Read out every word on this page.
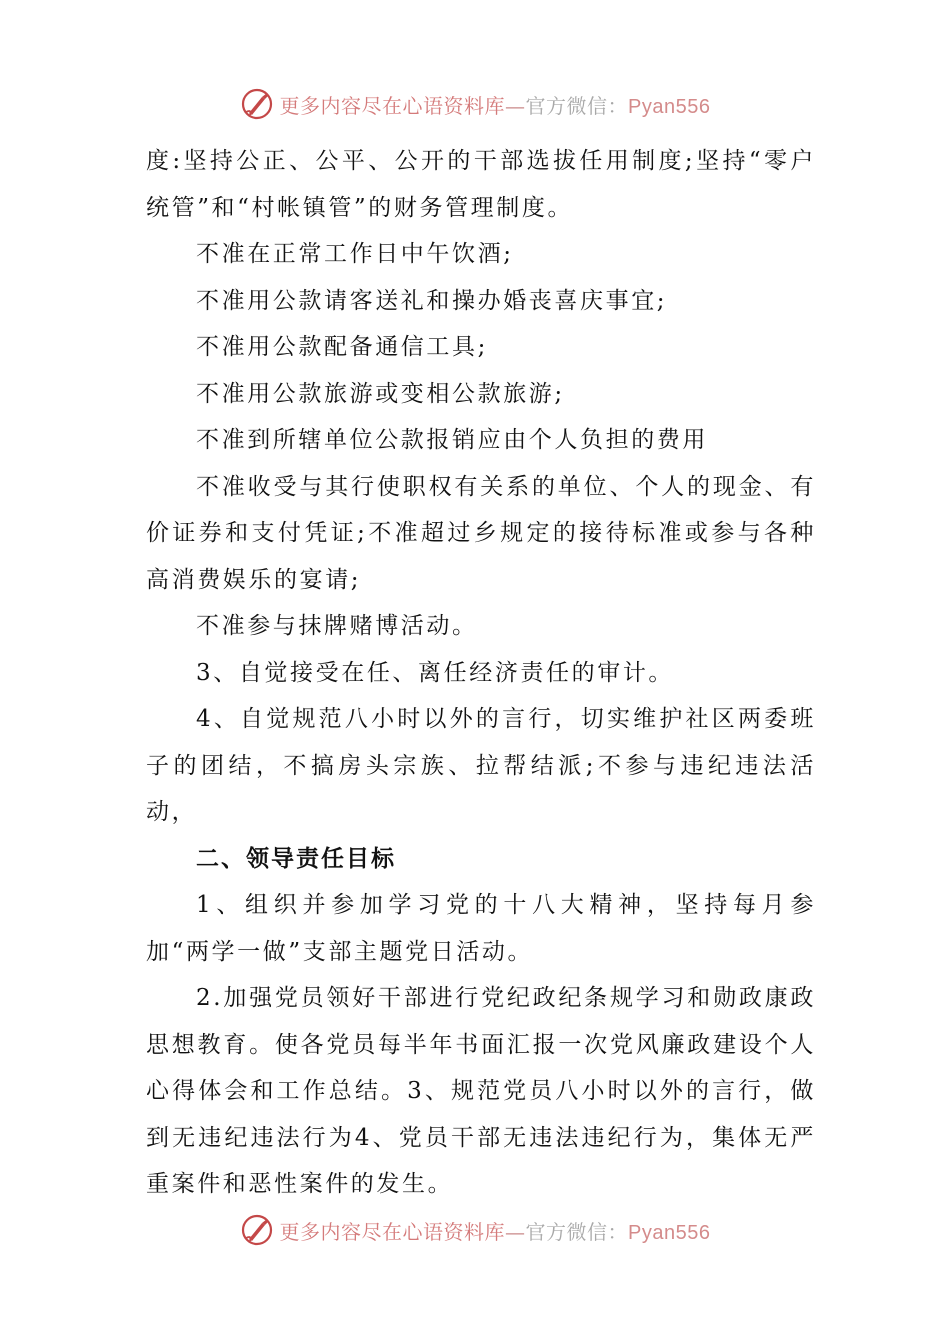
更多内容尽在心语资料库—官方微信：Pyan556

度:坚持公正、公平、公开的干部选拔任用制度;坚持“零户统管”和“村帐镇管”的财务管理制度。

不准在正常工作日中午饮酒;

不准用公款请客送礼和操办婚丧喜庆事宜;

不准用公款配备通信工具;

不准用公款旅游或变相公款旅游;

不准到所辖单位公款报销应由个人负担的费用

不准收受与其行使职权有关系的单位、个人的现金、有价证券和支付凭证;不准超过乡规定的接待标准或参与各种高消费娱乐的宴请;

不准参与抹牌赌博活动。

3、自觉接受在任、离任经济责任的审计。

4、自觉规范八小时以外的言行，切实维护社区两委班子的团结，不搞房头宗族、拉帮结派;不参与违纪违法活动，

二、领导责任目标

1、组织并参加学习党的十八大精神，坚持每月参加“两学一做”支部主题党日活动。

2.加强党员领好干部进行党纪政纪条规学习和勋政康政思想教育。使各党员每半年书面汇报一次党风廉政建设个人心得体会和工作总结。3、规范党员八小时以外的言行，做到无违纪违法行为4、党员干部无违法违纪行为，集体无严重案件和恶性案件的发生。

更多内容尽在心语资料库—官方微信：Pyan556
